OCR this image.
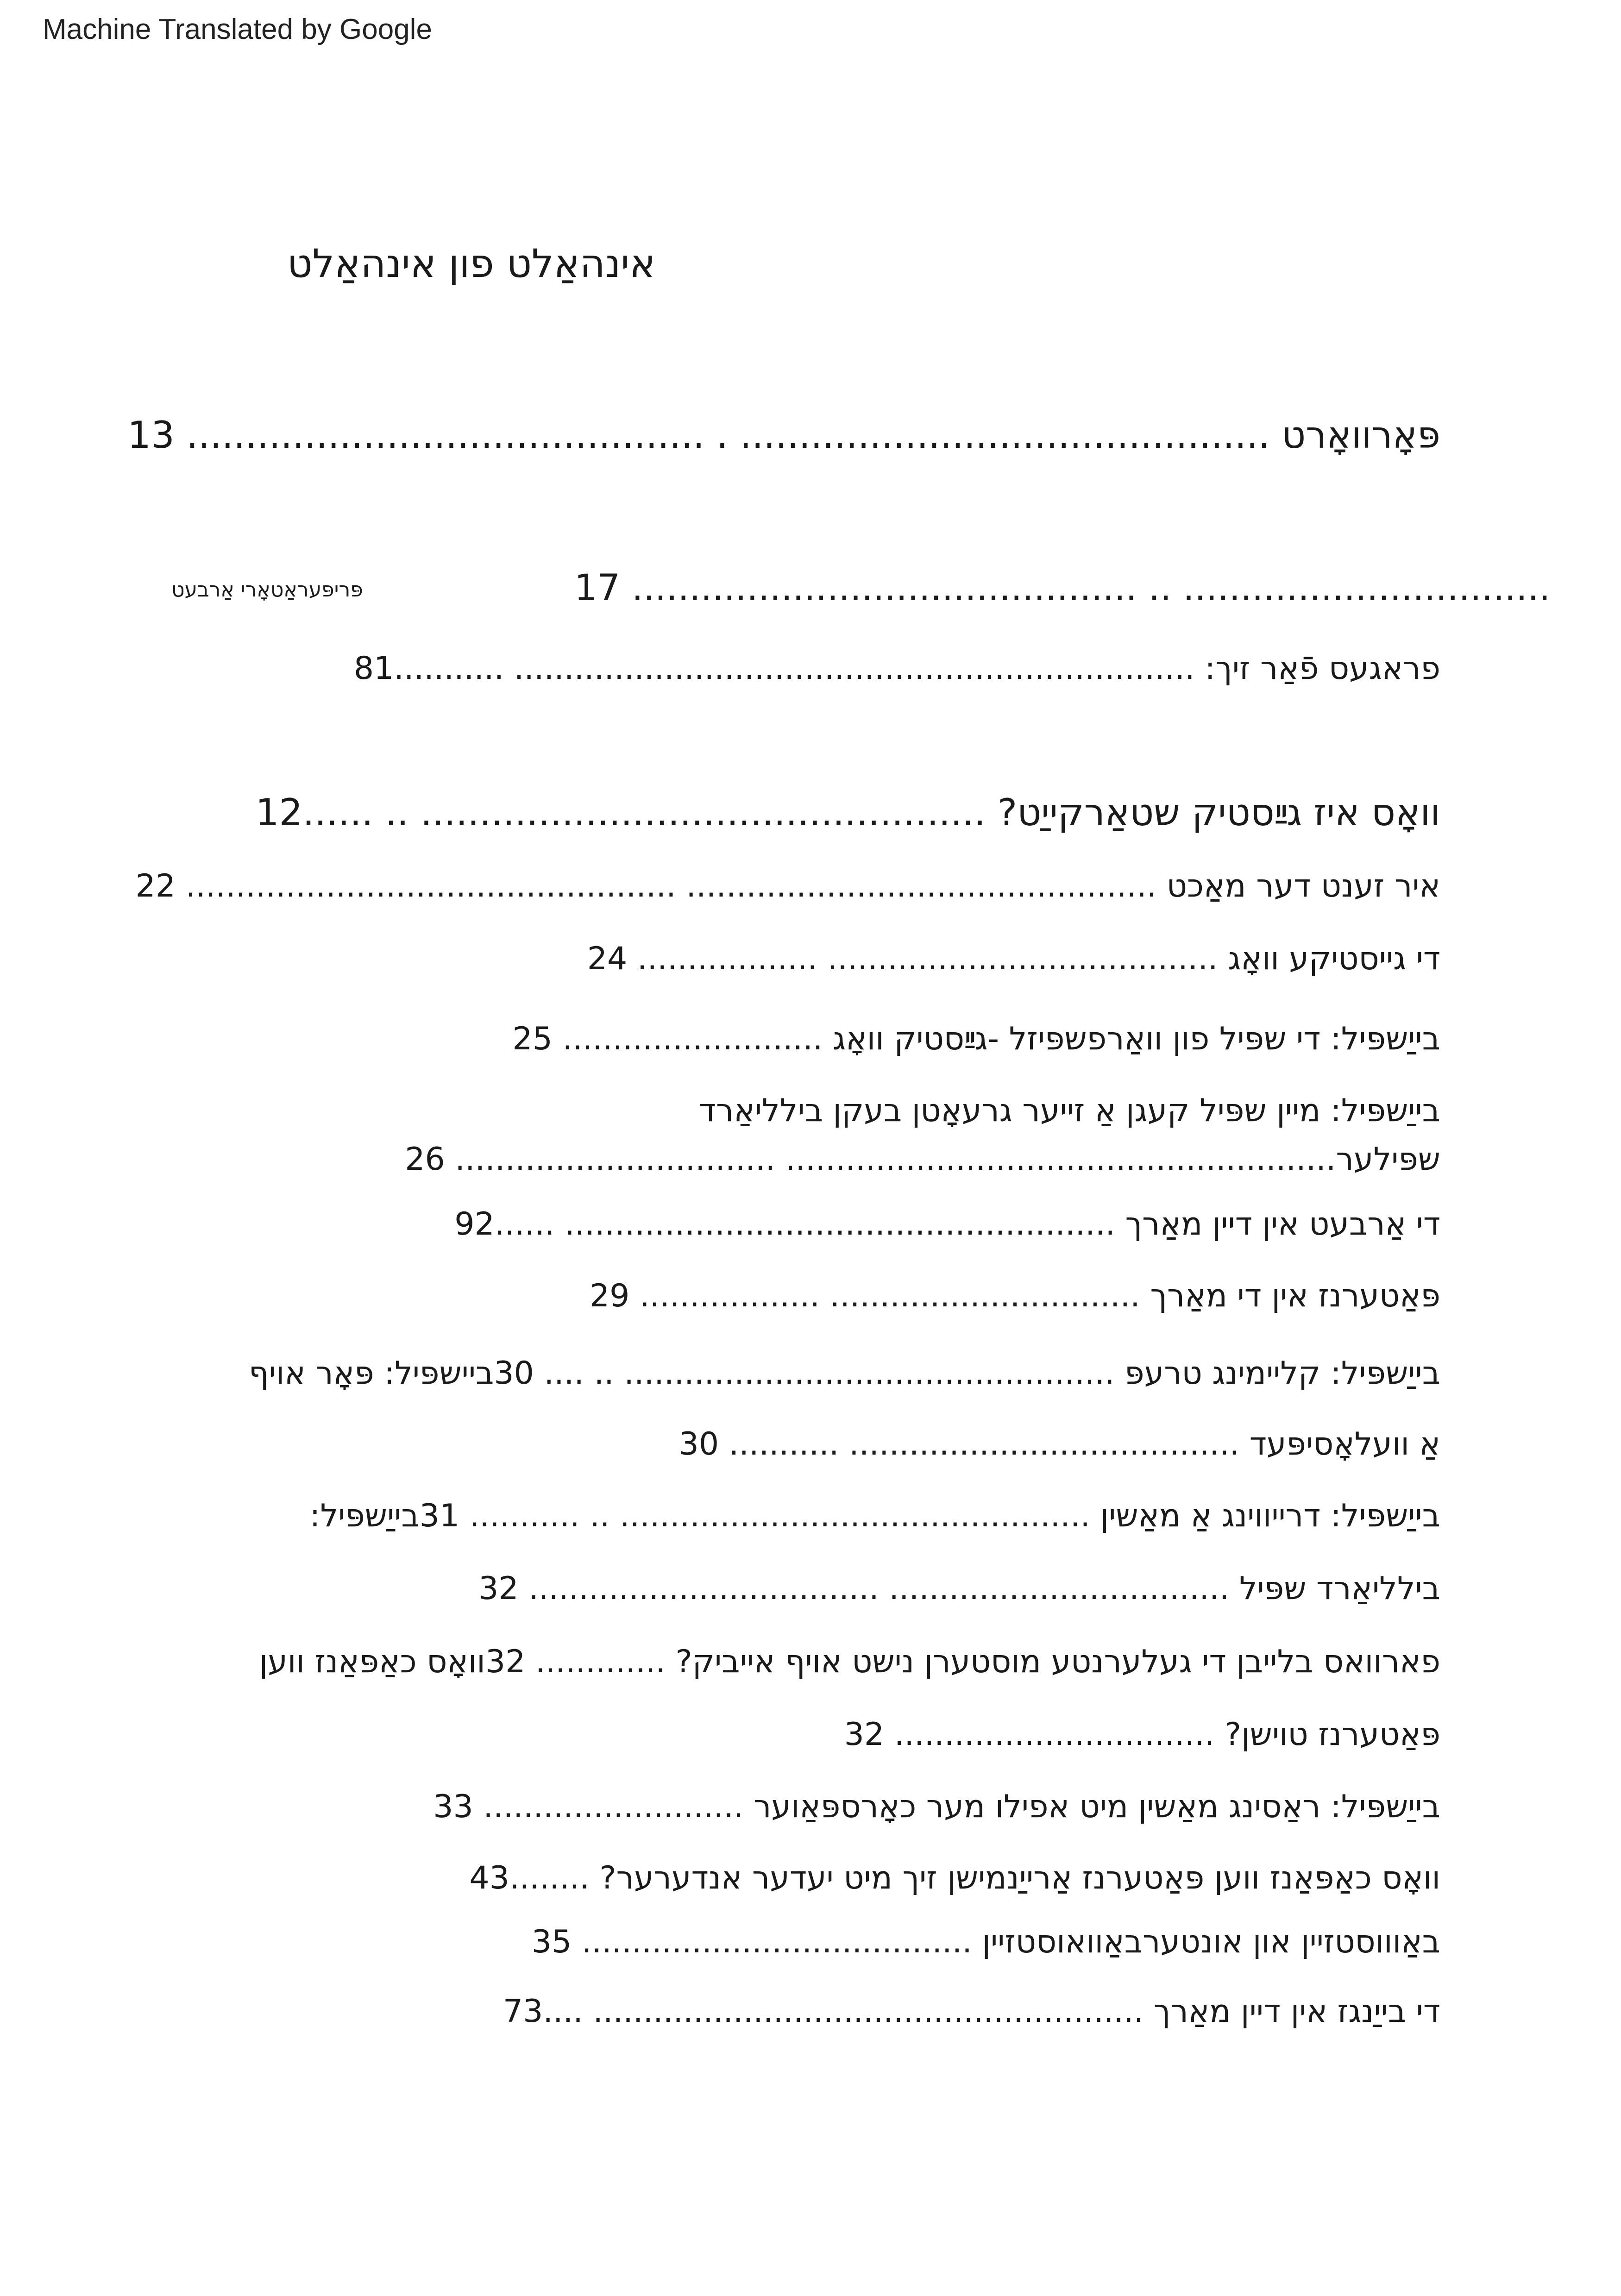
Machine Translated by Google
אינהאַלט פון אינהאַלט
פּאָרוואָרט ............................................. . ............................................ 13
פּריפּעראַטאָרי אַרבעט	17 ............................................ .. ................................
פראגעס פֿאַר זיך: .................................................................... ...........81
וואָס איז גײַסטיק שטאַרקייַט? ................................................ .. ......12
איר זענט דער מאַכט ............................................... ................................................. 22
די גייסטיקע וואָג ....................................... .................. 24
בייַשפּיל: די שפּיל פון וואַרפשפּיזל -גײַסטיק וואָג .......................... 25
בייַשפּיל: מיין שפּיל קעגן אַ זייער גרעאָטן בעקן בילליאַרד
שפּילער....................................................... ................................ 26
די אַרבעט אין דיין מאַרך ....................................................... ......92
פּאַטערנז אין די מאַרך ............................... .................. 29
בייַשפּיל: קליימינג טרעפּ ................................................. .. .... 30ביישפּיל: פּאָר אויף
אַ וועלאָסיפּעד ....................................... ........... 30
בייַשפּיל: דרייווינג אַ מאַשין ............................................... .. ........... 31בייַשפּיל:
בילליאַרד שפּיל .................................. ................................... 32
פארוואס בלייבן די געלערנטע מוסטערן נישט אויף אייביק? ............. 32וואָס כאַפּאַנז ווען
פּאַטערנז טוישן? ................................ 32
בייַשפּיל: ראַסינג מאַשין מיט אפילו מער כאָרספּאַוער .......................... 33
וואָס כאַפּאַנז ווען פּאַטערנז אַרייַנמישן זיך מיט יעדער אנדערער? ........43
באַוווסטזיין און אונטערבאַוואוסטזיין ....................................... 35
די בייַנגז אין דיין מאַרך ....................................................... ....73
